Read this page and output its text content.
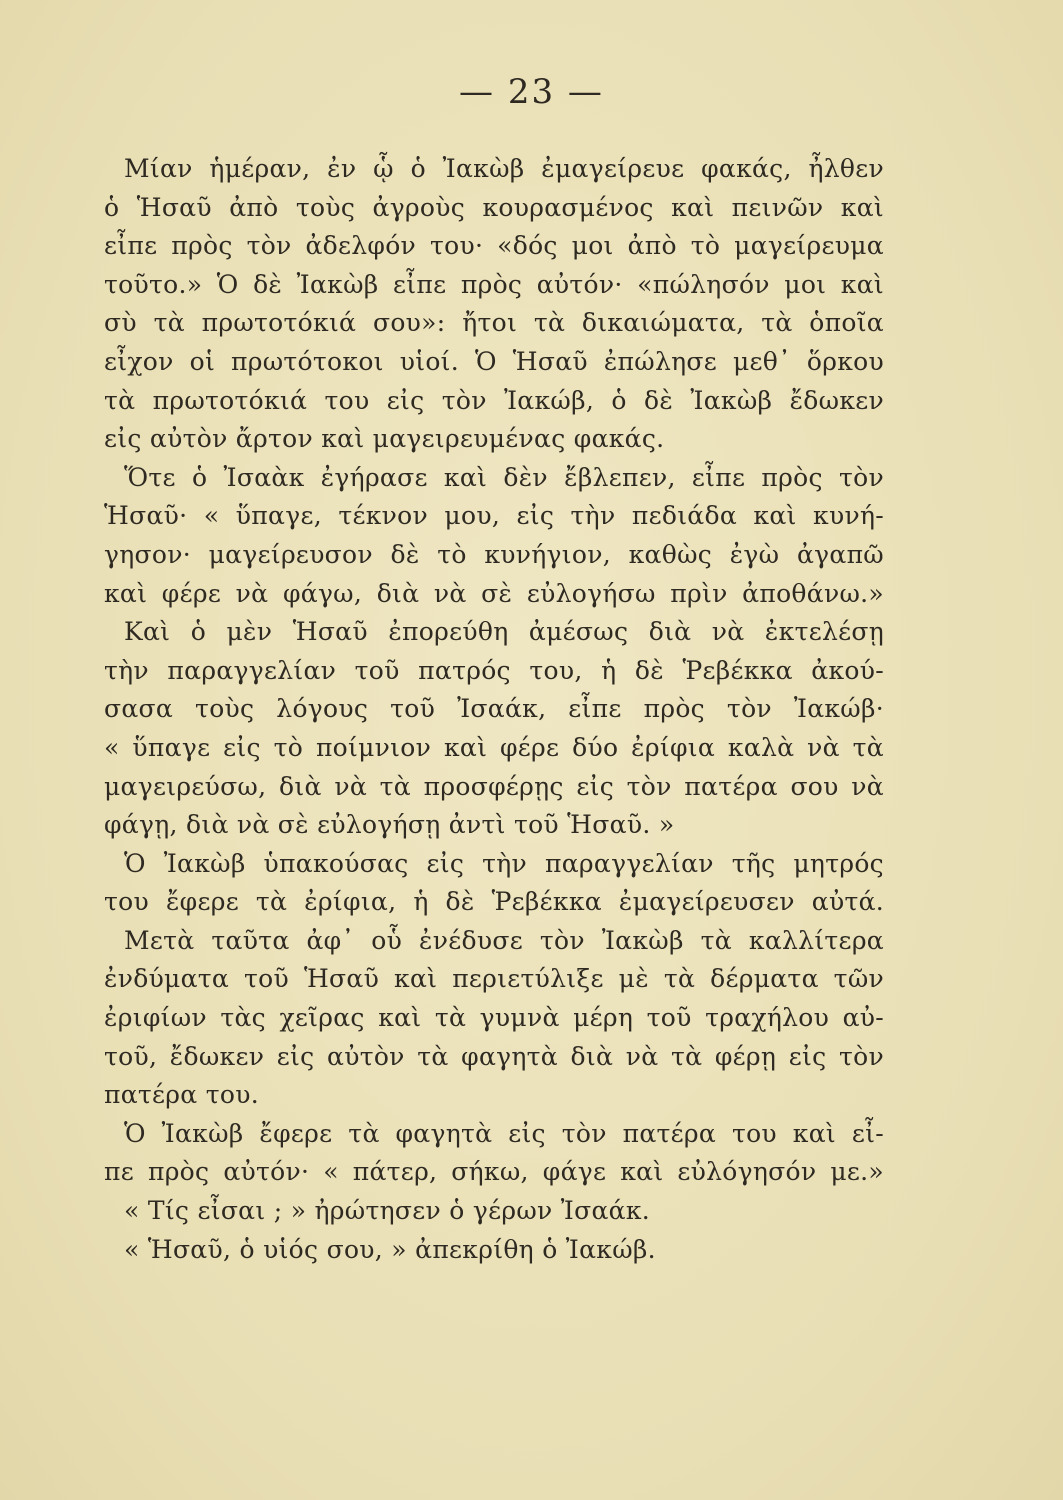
— 23 —
Μίαν ἡμέραν, ἐν ᾧ ὁ Ἰακὼβ ἐμαγείρευε φακάς, ἦλθεν
ὁ Ἡσαῦ ἀπὸ τοὺς ἀγροὺς κουρασμένος καὶ πεινῶν καὶ
εἶπε πρὸς τὸν ἀδελφόν του· «δός μοι ἀπὸ τὸ μαγείρευμα
τοῦτο.» Ὁ δὲ Ἰακὼβ εἶπε πρὸς αὐτόν· «πώλησόν μοι καὶ
σὺ τὰ πρωτοτόκιά σου»: ἤτοι τὰ δικαιώματα, τὰ ὁποῖα
εἶχον οἱ πρωτότοκοι υἱοί. Ὁ Ἡσαῦ ἐπώλησε μεθ᾽ ὅρκου
τὰ πρωτοτόκιά του εἰς τὸν Ἰακώβ, ὁ δὲ Ἰακὼβ ἔδωκεν
εἰς αὐτὸν ἄρτον καὶ μαγειρευμένας φακάς.
Ὅτε ὁ Ἰσαὰκ ἐγήρασε καὶ δὲν ἔβλεπεν, εἶπε πρὸς τὸν
Ἡσαῦ· « ὕπαγε, τέκνον μου, εἰς τὴν πεδιάδα καὶ κυνή-
γησον· μαγείρευσον δὲ τὸ κυνήγιον, καθὼς ἐγὼ ἀγαπῶ
καὶ φέρε νὰ φάγω, διὰ νὰ σὲ εὐλογήσω πρὶν ἀποθάνω.»
Καὶ ὁ μὲν Ἡσαῦ ἐπορεύθη ἀμέσως διὰ νὰ ἐκτελέσῃ
τὴν παραγγελίαν τοῦ πατρός του, ἡ δὲ Ῥεβέκκα ἀκού-
σασα τοὺς λόγους τοῦ Ἰσαάκ, εἶπε πρὸς τὸν Ἰακώβ·
« ὕπαγε εἰς τὸ ποίμνιον καὶ φέρε δύο ἐρίφια καλὰ νὰ τὰ
μαγειρεύσω, διὰ νὰ τὰ προσφέρῃς εἰς τὸν πατέρα σου νὰ
φάγῃ, διὰ νὰ σὲ εὐλογήσῃ ἀντὶ τοῦ Ἡσαῦ. »
Ὁ Ἰακὼβ ὑπακούσας εἰς τὴν παραγγελίαν τῆς μητρός
του ἔφερε τὰ ἐρίφια, ἡ δὲ Ῥεβέκκα ἐμαγείρευσεν αὐτά.
Μετὰ ταῦτα ἀφ᾽ οὗ ἐνέδυσε τὸν Ἰακὼβ τὰ καλλίτερα
ἐνδύματα τοῦ Ἡσαῦ καὶ περιετύλιξε μὲ τὰ δέρματα τῶν
ἐριφίων τὰς χεῖρας καὶ τὰ γυμνὰ μέρη τοῦ τραχήλου αὐ-
τοῦ, ἔδωκεν εἰς αὐτὸν τὰ φαγητὰ διὰ νὰ τὰ φέρῃ εἰς τὸν
πατέρα του.
Ὁ Ἰακὼβ ἔφερε τὰ φαγητὰ εἰς τὸν πατέρα του καὶ εἶ-
πε πρὸς αὐτόν· « πάτερ, σήκω, φάγε καὶ εὐλόγησόν με.»
« Τίς εἶσαι ; » ἠρώτησεν ὁ γέρων Ἰσαάκ.
« Ἡσαῦ, ὁ υἱός σου, » ἀπεκρίθη ὁ Ἰακώβ.
